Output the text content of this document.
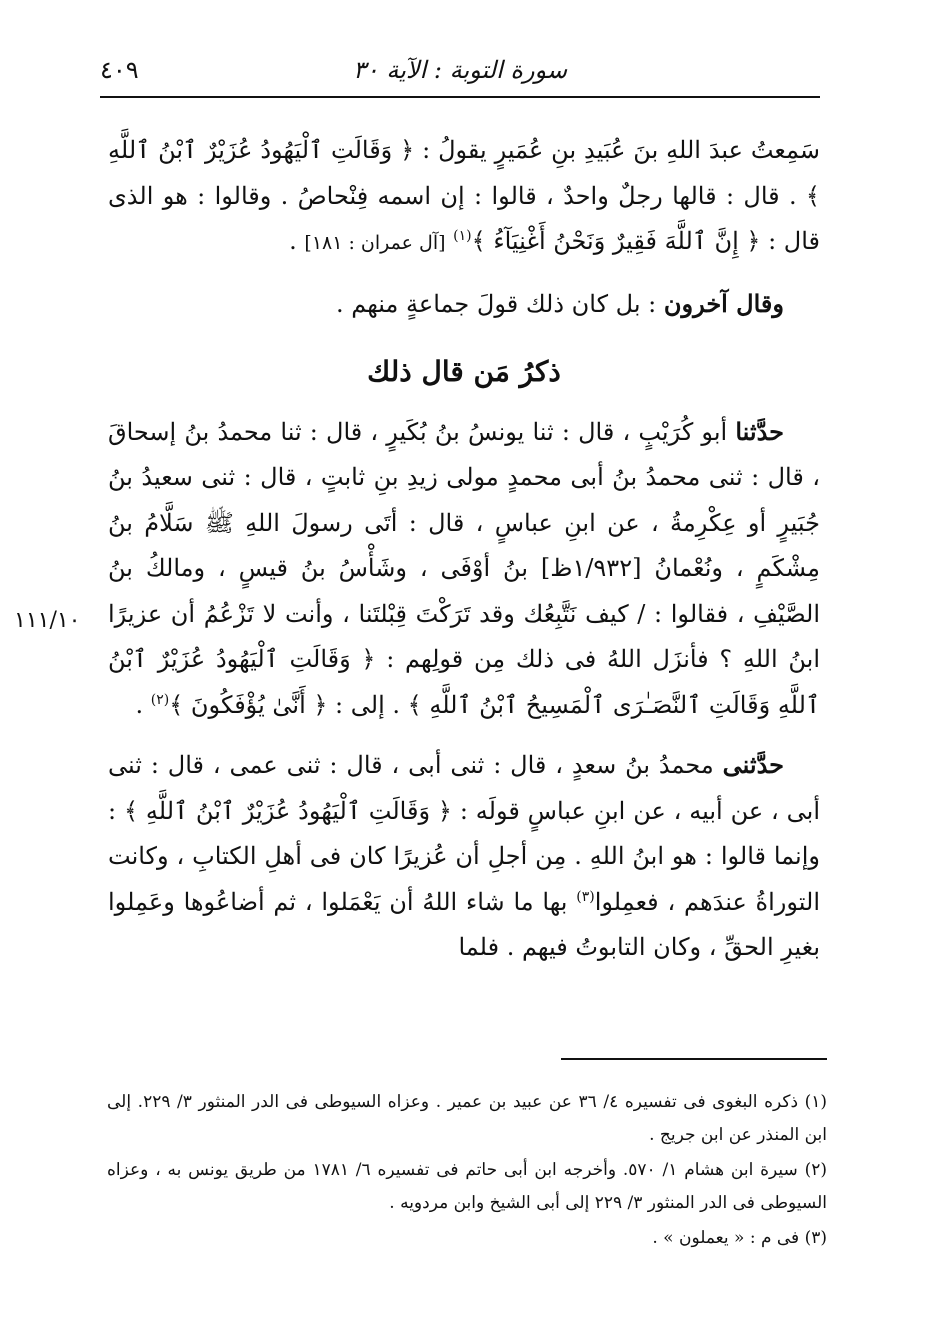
سورة التوبة : الآية ٣٠
٤٠٩
١١١/١٠

سَمِعتُ عبدَ اللهِ بنَ عُبَيدِ بنِ عُمَيرٍ يقولُ : ﴿ وَقَالَتِ ٱلْيَهُودُ عُزَيْرٌ ٱبْنُ ٱللَّهِ ﴾ . قال : قالها رجلٌ واحدٌ ، قالوا : إن اسمه فِنْحاصُ . وقالوا : هو الذى قال : ﴿ إِنَّ ٱللَّهَ فَقِيرٌ وَنَحْنُ أَغْنِيَآءُ ﴾$^{(١)}$ [آل عمران : ١٨١] .

وقال آخرون : بل كان ذلك قولَ جماعةٍ منهم .

ذكرُ مَن قال ذلك

حدَّثنا أبو كُرَيْبٍ ، قال : ثنا يونسُ بنُ بُكَيرٍ ، قال : ثنا محمدُ بنُ إسحاقَ ، قال : ثنى محمدُ بنُ أبى محمدٍ مولى زيدِ بنِ ثابتٍ ، قال : ثنى سعيدُ بنُ جُبَيرٍ أو عِكْرِمةُ ، عن ابنِ عباسٍ ، قال : أتَى رسولَ اللهِ ﷺ سَلَّامُ بنُ مِشْكَمٍ ، ونُعْمانُ [١/٩٣٢ظ] بنُ أوْفَى ، وشَأْسُ بنُ قيسٍ ، ومالكُ بنُ الصَّيْفِ ، فقالوا : / كيف نَتَّبِعُك وقد تَرَكْتَ قِبْلتَنا ، وأنت لا تَزْعُمُ أن عزيرًا ابنُ اللهِ ؟ فأنزَل اللهُ فى ذلك مِن قولِهم : ﴿ وَقَالَتِ ٱلْيَهُودُ عُزَيْرٌ ٱبْنُ ٱللَّهِ وَقَالَتِ ٱلنَّصَـٰرَى ٱلْمَسِيحُ ٱبْنُ ٱللَّهِ ﴾ . إلى : ﴿ أَنَّىٰ يُؤْفَكُونَ ﴾$^{(٢)}$ .

حدَّثنى محمدُ بنُ سعدٍ ، قال : ثنى أبى ، قال : ثنى عمى ، قال : ثنى أبى ، عن أبيه ، عن ابنِ عباسٍ قولَه : ﴿ وَقَالَتِ ٱلْيَهُودُ عُزَيْرٌ ٱبْنُ ٱللَّهِ ﴾ : وإنما قالوا : هو ابنُ اللهِ . مِن أجلِ أن عُزيرًا كان فى أهلِ الكتابِ ، وكانت التوراةُ عندَهم ، فعمِلوا$^{(٣)}$ بها ما شاء اللهُ أن يَعْمَلوا ، ثم أضاعُوها وعَمِلوا بغيرِ الحقِّ ، وكان التابوتُ فيهم . فلما

(١) ذكره البغوى فى تفسيره ٤/ ٣٦ عن عبيد بن عمير . وعزاه السيوطى فى الدر المنثور ٣/ ٢٢٩. إلى ابن المنذر عن ابن جريج .

(٢) سيرة ابن هشام ١/ ٥٧٠. وأخرجه ابن أبى حاتم فى تفسيره ٦/ ١٧٨١ من طريق يونس به ، وعزاه السيوطى فى الدر المنثور ٣/ ٢٢٩ إلى أبى الشيخ وابن مردويه .

(٣) فى م : « يعملون » .
